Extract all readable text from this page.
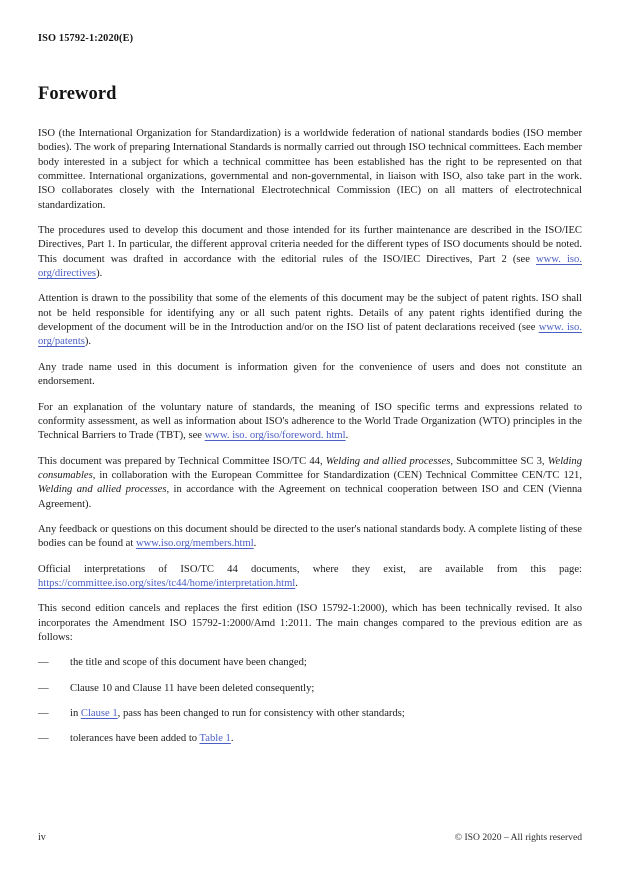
ISO 15792-1:2020(E)
Foreword

ISO (the International Organization for Standardization) is a worldwide federation of national standards bodies (ISO member bodies). The work of preparing International Standards is normally carried out through ISO technical committees. Each member body interested in a subject for which a technical committee has been established has the right to be represented on that committee. International organizations, governmental and non-governmental, in liaison with ISO, also take part in the work. ISO collaborates closely with the International Electrotechnical Commission (IEC) on all matters of electrotechnical standardization.

The procedures used to develop this document and those intended for its further maintenance are described in the ISO/IEC Directives, Part 1. In particular, the different approval criteria needed for the different types of ISO documents should be noted. This document was drafted in accordance with the editorial rules of the ISO/IEC Directives, Part 2 (see www. iso. org/directives).

Attention is drawn to the possibility that some of the elements of this document may be the subject of patent rights. ISO shall not be held responsible for identifying any or all such patent rights. Details of any patent rights identified during the development of the document will be in the Introduction and/or on the ISO list of patent declarations received (see www. iso. org/patents).

Any trade name used in this document is information given for the convenience of users and does not constitute an endorsement.

For an explanation of the voluntary nature of standards, the meaning of ISO specific terms and expressions related to conformity assessment, as well as information about ISO's adherence to the World Trade Organization (WTO) principles in the Technical Barriers to Trade (TBT), see www. iso. org/iso/foreword. html.

This document was prepared by Technical Committee ISO/TC 44, Welding and allied processes, Subcommittee SC 3, Welding consumables, in collaboration with the European Committee for Standardization (CEN) Technical Committee CEN/TC 121, Welding and allied processes, in accordance with the Agreement on technical cooperation between ISO and CEN (Vienna Agreement).

Any feedback or questions on this document should be directed to the user's national standards body. A complete listing of these bodies can be found at www.iso.org/members.html.

Official interpretations of ISO/TC 44 documents, where they exist, are available from this page: https://committee.iso.org/sites/tc44/home/interpretation.html.

This second edition cancels and replaces the first edition (ISO 15792-1:2000), which has been technically revised. It also incorporates the Amendment ISO 15792-1:2000/Amd 1:2011. The main changes compared to the previous edition are as follows:

—	the title and scope of this document have been changed;
—	Clause 10 and Clause 11 have been deleted consequently;
—	in Clause 1, pass has been changed to run for consistency with other standards;
—	tolerances have been added to Table 1.
iv	© ISO 2020 – All rights reserved
